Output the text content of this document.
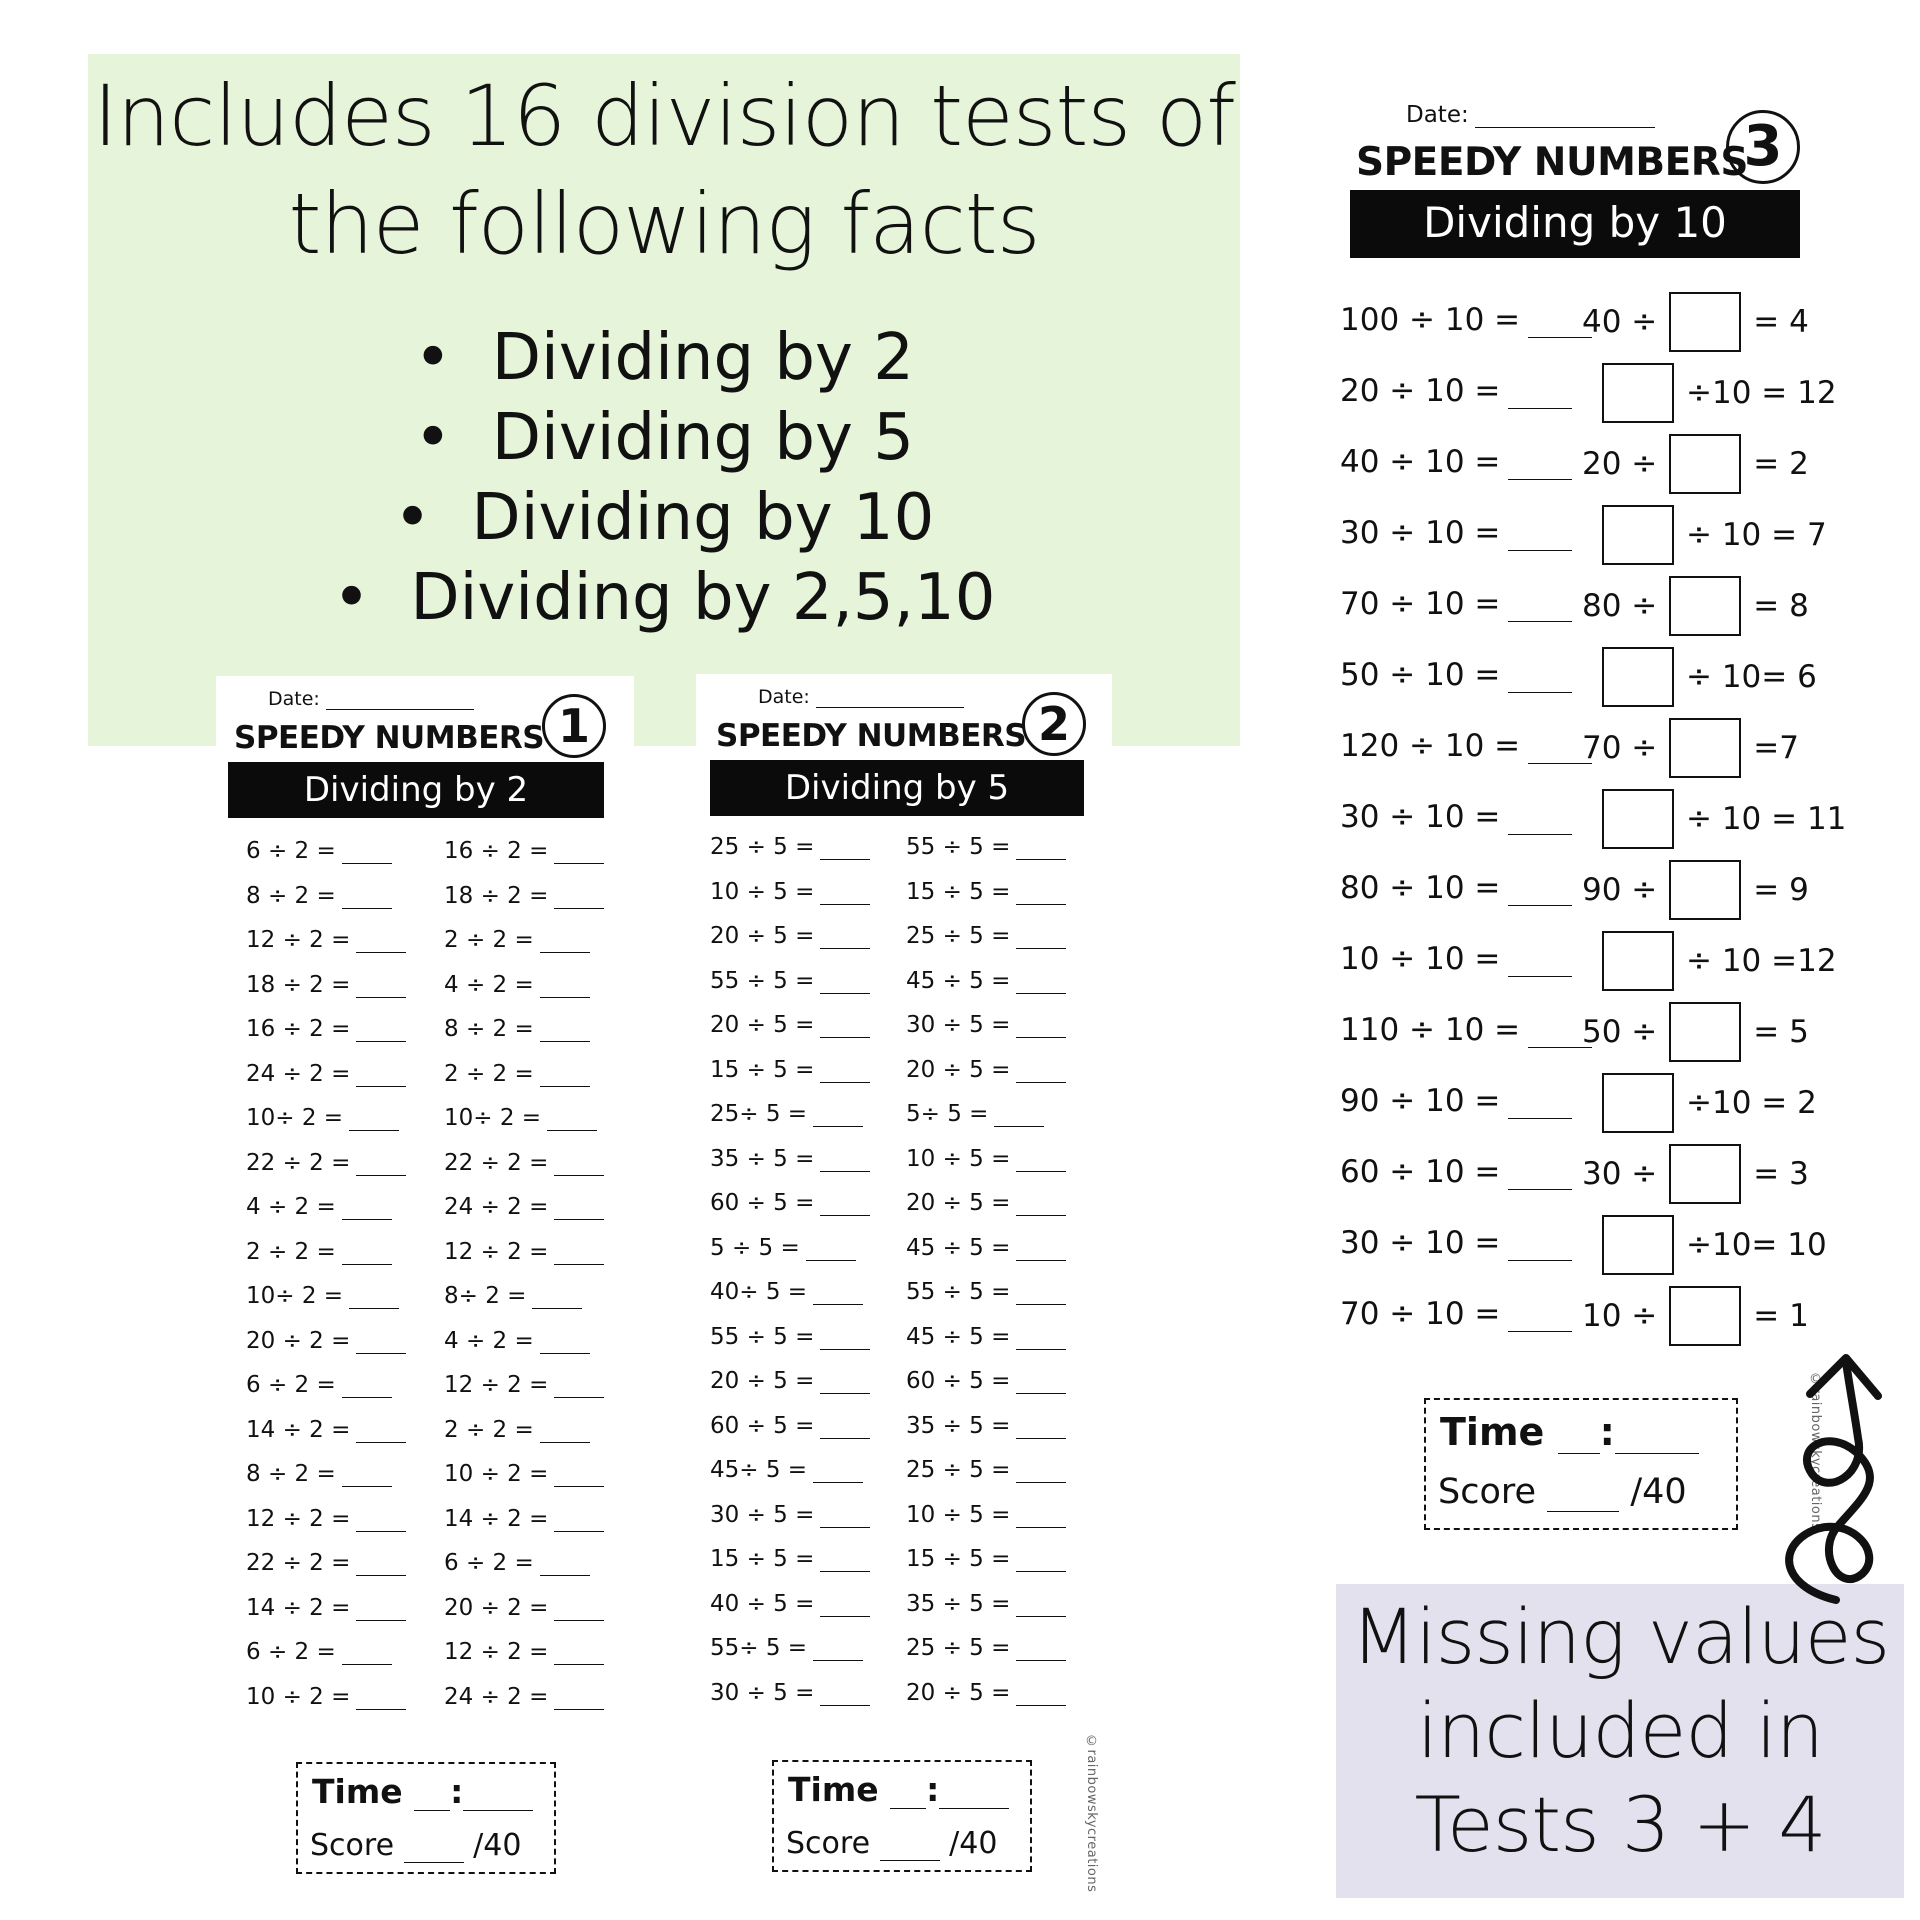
Includes 16 division tests of
the following facts
• Dividing by 2
• Dividing by 5
• Dividing by 10
• Dividing by 2,5,10
Date:
SPEEDY NUMBERS 1
Dividing by 2
6 ÷ 2 =	16 ÷ 2 =
8 ÷ 2 =	18 ÷ 2 =
12 ÷ 2 =	2 ÷ 2 =
18 ÷ 2 =	4 ÷ 2 =
16 ÷ 2 =	8 ÷ 2 =
24 ÷ 2 =	2 ÷ 2 =
10÷ 2 =	10÷ 2 =
22 ÷ 2 =	22 ÷ 2 =
4 ÷ 2 =	24 ÷ 2 =
2 ÷ 2 =	12 ÷ 2 =
10÷ 2 =	8÷ 2 =
20 ÷ 2 =	4 ÷ 2 =
6 ÷ 2 =	12 ÷ 2 =
14 ÷ 2 =	2 ÷ 2 =
8 ÷ 2 =	10 ÷ 2 =
12 ÷ 2 =	14 ÷ 2 =
22 ÷ 2 =	6 ÷ 2 =
14 ÷ 2 =	20 ÷ 2 =
6 ÷ 2 =	12 ÷ 2 =
10 ÷ 2 =	24 ÷ 2 =
Time :
Score	/40
Date:
SPEEDY NUMBERS 2
Dividing by 5
25 ÷ 5 =	55 ÷ 5 =
10 ÷ 5 =	15 ÷ 5 =
20 ÷ 5 =	25 ÷ 5 =
55 ÷ 5 =	45 ÷ 5 =
20 ÷ 5 =	30 ÷ 5 =
15 ÷ 5 =	20 ÷ 5 =
25÷ 5 =	5÷ 5 =
35 ÷ 5 =	10 ÷ 5 =
60 ÷ 5 =	20 ÷ 5 =
5 ÷ 5 =	45 ÷ 5 =
40÷ 5 =	55 ÷ 5 =
55 ÷ 5 =	45 ÷ 5 =
20 ÷ 5 =	60 ÷ 5 =
60 ÷ 5 =	35 ÷ 5 =
45÷ 5 =	25 ÷ 5 =
30 ÷ 5 =	10 ÷ 5 =
15 ÷ 5 =	15 ÷ 5 =
40 ÷ 5 =	35 ÷ 5 =
55÷ 5 =	25 ÷ 5 =
30 ÷ 5 =	20 ÷ 5 =
Time :
Score	/40	©rainbowskycreations
Date:
SPEEDY NUMBERS
3
Dividing by 10
100 ÷ 10 =	40 ÷	= 4
20 ÷ 10 =	÷10 = 12
40 ÷ 10 =	20 ÷	= 2
30 ÷ 10 =	÷ 10 = 7
70 ÷ 10 =	80 ÷	= 8
50 ÷ 10 =	÷ 10= 6
120 ÷ 10 =	70 ÷	=7
30 ÷ 10 =	÷ 10 = 11
80 ÷ 10 =	90 ÷	= 9
10 ÷ 10 =	÷ 10 =12
110 ÷ 10 =	50 ÷	= 5
90 ÷ 10 =	÷10 = 2
60 ÷ 10 =	30 ÷	= 3
30 ÷ 10 =	÷10= 10
70 ÷ 10 =	10 ÷	= 1
Time :
Score	/40	©rainbowskycreations
Missing values
included in
Tests 3 + 4
